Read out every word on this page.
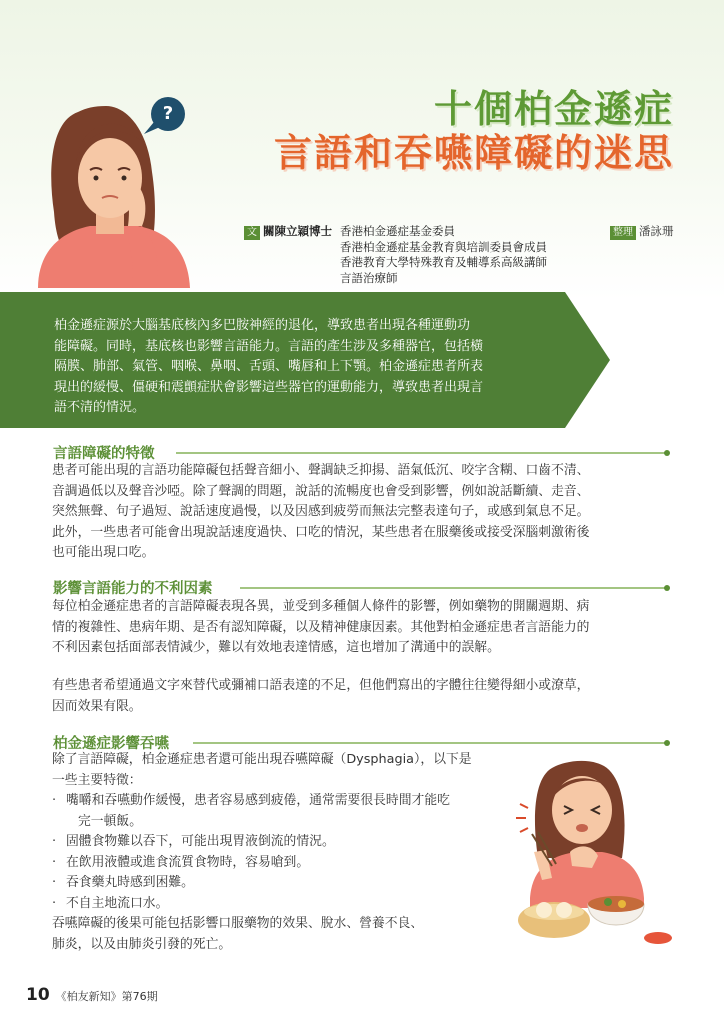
?	十個柏金遜症
言語和吞嚥障礙的迷思
文 關陳立穎博士 香港柏金遜症基金委員
香港柏金遜症基金教育與培訓委員會成員
香港教育大學特殊教育及輔導系高級講師
言語治療師
整理 潘詠珊
柏金遜症源於大腦基底核內多巴胺神經的退化，導致患者出現各種運動功
能障礙。同時，基底核也影響言語能力。言語的產生涉及多種器官，包括橫
隔膜、肺部、氣管、咽喉、鼻咽、舌頭、嘴唇和上下顎。柏金遜症患者所表
現出的緩慢、僵硬和震顫症狀會影響這些器官的運動能力，導致患者出現言
語不清的情況。
言語障礙的特徵
患者可能出現的言語功能障礙包括聲音細小、聲調缺乏抑揚、語氣低沉、咬字含糊、口齒不清、
音調過低以及聲音沙啞。除了聲調的問題，說話的流暢度也會受到影響，例如說話斷續、走音、
突然無聲、句子過短、說話速度過慢，以及因感到疲勞而無法完整表達句子，或感到氣息不足。
此外，一些患者可能會出現說話速度過快、口吃的情況，某些患者在服藥後或接受深腦刺激術後
也可能出現口吃。
影響言語能力的不利因素
每位柏金遜症患者的言語障礙表現各異，並受到多種個人條件的影響，例如藥物的開關週期、病
情的複雜性、患病年期、是否有認知障礙，以及精神健康因素。其他對柏金遜症患者言語能力的
不利因素包括面部表情減少，難以有效地表達情感，這也增加了溝通中的誤解。
有些患者希望通過文字來替代或彌補口語表達的不足，但他們寫出的字體往往變得細小或潦草，
因而效果有限。
柏金遜症影響吞嚥
除了言語障礙，柏金遜症患者還可能出現吞嚥障礙（Dysphagia），以下是
一些主要特徵：
‧ 嘴嚼和吞嚥動作緩慢，患者容易感到疲倦，通常需要很長時間才能吃
完一頓飯。
‧ 固體食物難以吞下，可能出現胃液倒流的情況。
‧ 在飲用液體或進食流質食物時，容易嗆到。
‧ 吞食藥丸時感到困難。
‧ 不自主地流口水。
吞嚥障礙的後果可能包括影響口服藥物的效果、脫水、營養不良、
肺炎，以及由肺炎引發的死亡。
10 《柏友新知》第76期
